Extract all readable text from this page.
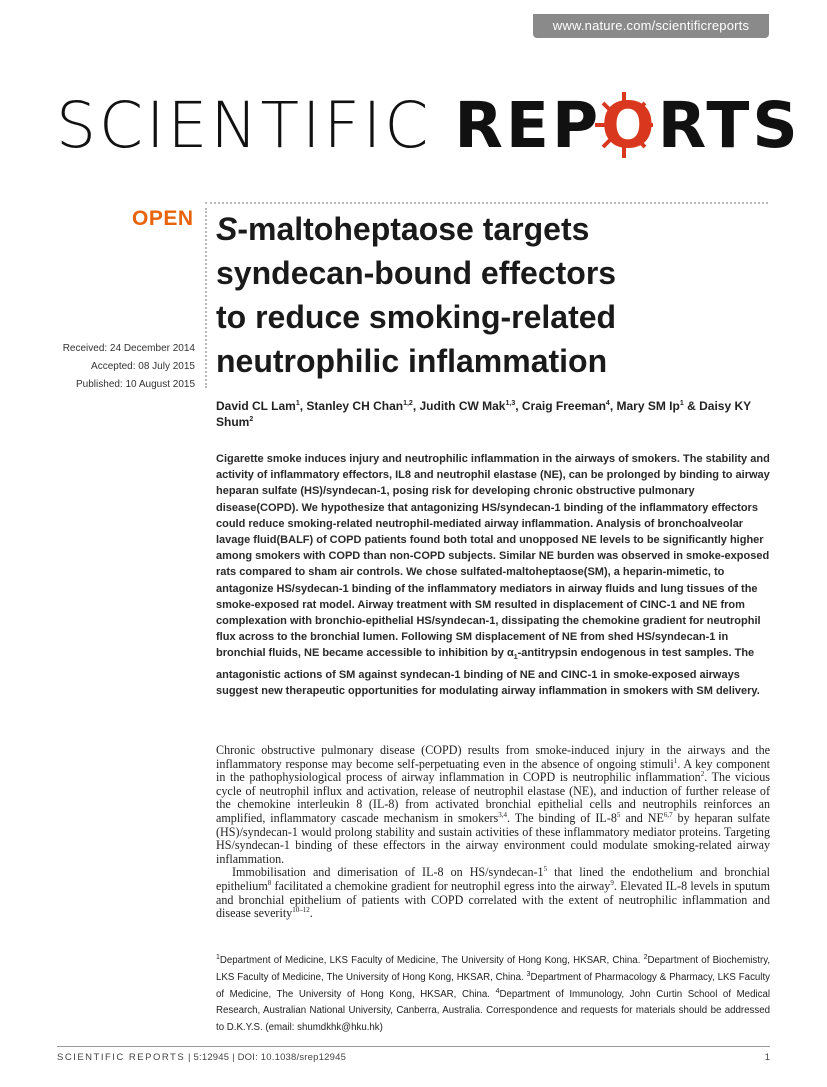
www.nature.com/scientificreports
SCIENTIFIC REPO
RTS
OPEN S-maltoheptaose targets
syndecan-bound effectors
to reduce smoking-related
neutrophilic inflammation
Received: 24 December 2014
Accepted: 08 July 2015
Published: 10 August 2015
David CL Lam$^1$, Stanley CH Chan$^{1,2}$, Judith CW Mak$^{1,3}$, Craig Freeman$^4$, Mary SM Ip$^1$ & Daisy KY Shum$^2$
Cigarette smoke induces injury and neutrophilic inflammation in the airways of smokers. The stability and activity of inflammatory effectors, IL8 and neutrophil elastase (NE), can be prolonged by binding to airway heparan sulfate (HS)/syndecan-1, posing risk for developing chronic obstructive pulmonary disease(COPD). We hypothesize that antagonizing HS/syndecan-1 binding of the inflammatory effectors could reduce smoking-related neutrophil-mediated airway inflammation. Analysis of bronchoalveolar lavage fluid(BALF) of COPD patients found both total and unopposed NE levels to be significantly higher among smokers with COPD than non-COPD subjects. Similar NE burden was observed in smoke-exposed rats compared to sham air controls. We chose sulfated-maltoheptaose(SM), a heparin-mimetic, to antagonize HS/sydecan-1 binding of the inflammatory mediators in airway fluids and lung tissues of the smoke-exposed rat model. Airway treatment with SM resulted in displacement of CINC-1 and NE from complexation with bronchio-epithelial HS/syndecan-1, dissipating the chemokine gradient for neutrophil flux across to the bronchial lumen. Following SM displacement of NE from shed HS/syndecan-1 in bronchial fluids, NE became accessible to inhibition by $\alpha_1$-antitrypsin endogenous in test samples. The antagonistic actions of SM against syndecan-1 binding of NE and CINC-1 in smoke-exposed airways suggest new therapeutic opportunities for modulating airway inflammation in smokers with SM delivery.

Chronic obstructive pulmonary disease (COPD) results from smoke-induced injury in the airways and the inflammatory response may become self-perpetuating even in the absence of ongoing stimuli$^1$. A key component in the pathophysiological process of airway inflammation in COPD is neutrophilic inflammation$^2$. The vicious cycle of neutrophil influx and activation, release of neutrophil elastase (NE), and induction of further release of the chemokine interleukin 8 (IL-8) from activated bronchial epithelial cells and neutrophils reinforces an amplified, inflammatory cascade mechanism in smokers$^{3,4}$. The binding of $IL-8^5$ and NE$^{6,7}$ by heparan sulfate (HS)/syndecan-1 would prolong stability and sustain activities of these inflammatory mediator proteins. Targeting HS/syndecan-1 binding of these effectors in the airway environment could modulate smoking-related airway inflammation.

Immobilisation and dimerisation of IL-8 on $HS/syndecan-1^5$ that lined the endothelium and bronchial epithelium$^8$ facilitated a chemokine gradient for neutrophil egress into the airway$^9$. Elevated IL-8 levels in sputum and bronchial epithelium of patients with COPD correlated with the extent of neutrophilic inflammation and disease severity$^{10-12}$.

$^1$Department of Medicine, LKS Faculty of Medicine, The University of Hong Kong, HKSAR, China. $^2$Department of Biochemistry, LKS Faculty of Medicine, The University of Hong Kong, HKSAR, China. $^3$Department of Pharmacology & Pharmacy, LKS Faculty of Medicine, The University of Hong Kong, HKSAR, China. $^4$Department of Immunology, John Curtin School of Medical Research, Australian National University, Canberra, Australia. Correspondence and requests for materials should be addressed to D.K.Y.S. (email: shumdkhk@hku.hk)
SCIENTIFIC REPORTS | 5:12945 | DOI: 10.1038/srep12945	1
